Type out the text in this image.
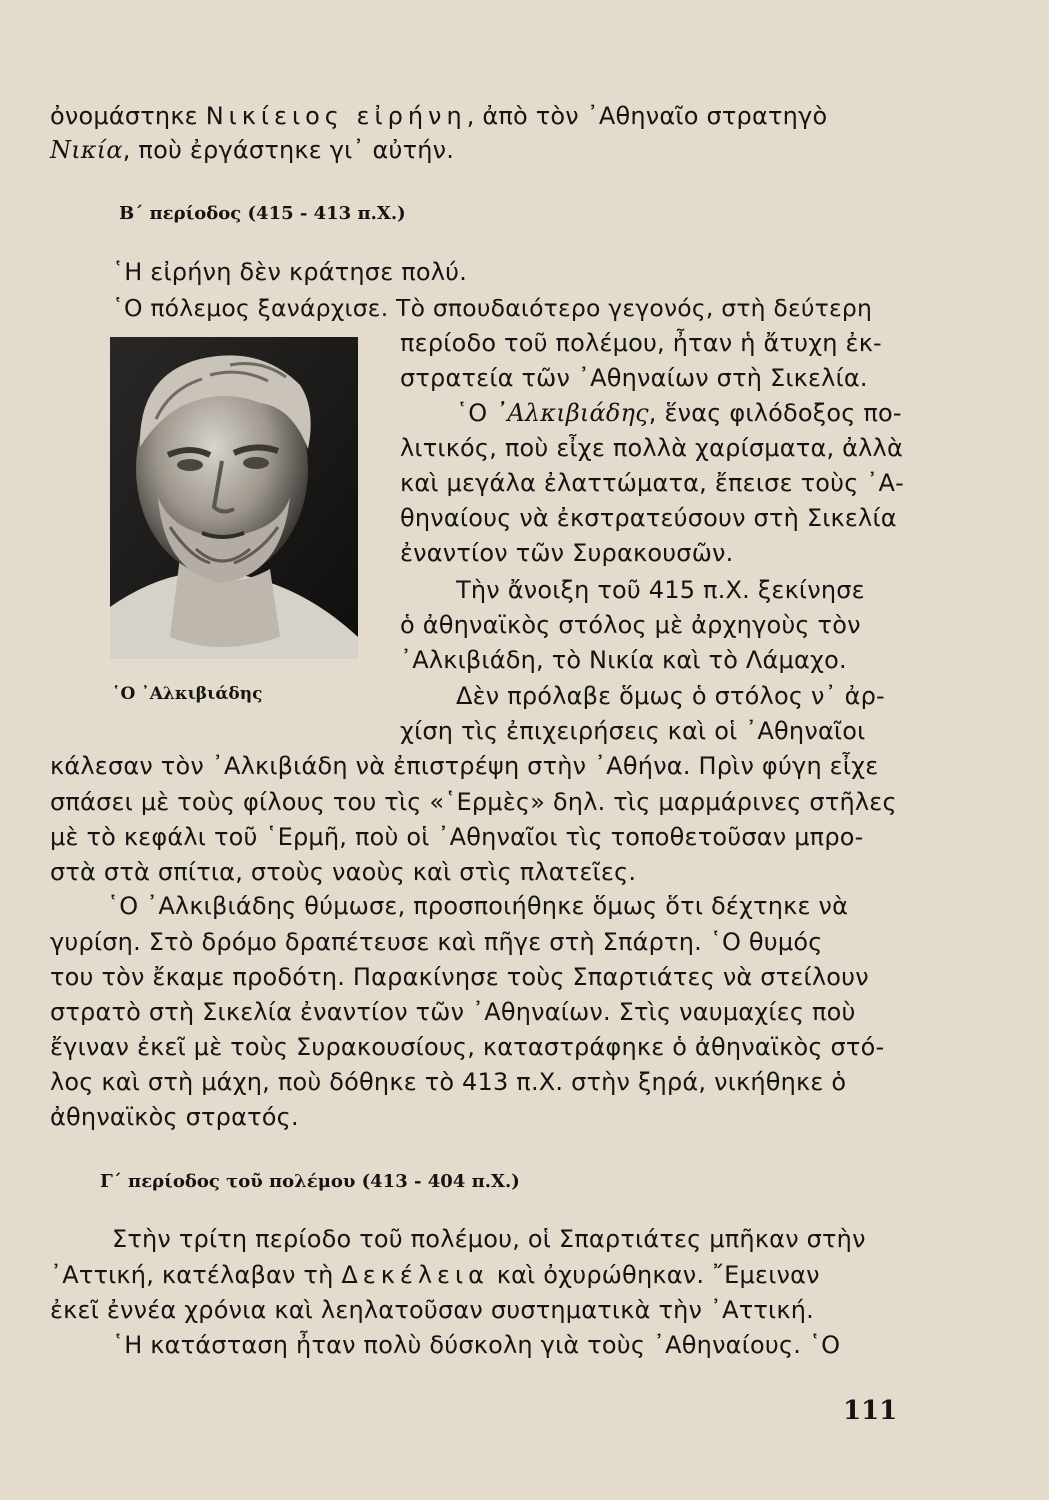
ὀνομάστηκε Νικίειος εἰρήνη, ἀπὸ τὸν ᾿Αθηναῖο στρατηγὸ
Νικία, ποὺ ἐργάστηκε γι᾿ αὐτήν.
Β΄ περίοδος (415 - 413 π.Χ.)
῾Η εἰρήνη δὲν κράτησε πολύ.
῾Ο πόλεμος ξανάρχισε. Τὸ σπουδαιότερο γεγονός, στὴ δεύτερη
περίοδο τοῦ πολέμου, ἦταν ἡ ἄτυχη ἐκ-
στρατεία τῶν ᾿Αθηναίων στὴ Σικελία.
῾Ο ᾿Αλκιβιάδης, ἕνας φιλόδοξος πο-
λιτικός, ποὺ εἶχε πολλὰ χαρίσματα, ἀλλὰ
καὶ μεγάλα ἐλαττώματα, ἔπεισε τοὺς ᾿Α-
θηναίους νὰ ἐκστρατεύσουν στὴ Σικελία
ἐναντίον τῶν Συρακουσῶν.
Τὴν ἄνοιξη τοῦ 415 π.Χ. ξεκίνησε
ὁ ἀθηναϊκὸς στόλος μὲ ἀρχηγοὺς τὸν
᾿Αλκιβιάδη, τὸ Νικία καὶ τὸ Λάμαχο.
῾Ο ᾿Αλκιβιάδης	Δὲν πρόλαβε ὅμως ὁ στόλος ν᾿ ἀρ-
χίση τὶς ἐπιχειρήσεις καὶ οἱ ᾿Αθηναῖοι
κάλεσαν τὸν ᾿Αλκιβιάδη νὰ ἐπιστρέψη στὴν ᾿Αθήνα. Πρὶν φύγη εἶχε
σπάσει μὲ τοὺς φίλους του τὶς «῾Ερμὲς» δηλ. τὶς μαρμάρινες στῆλες
μὲ τὸ κεφάλι τοῦ ῾Ερμῆ, ποὺ οἱ ᾿Αθηναῖοι τὶς τοποθετοῦσαν μπρο-
στὰ στὰ σπίτια, στοὺς ναοὺς καὶ στὶς πλατεῖες.
῾Ο ᾿Αλκιβιάδης θύμωσε, προσποιήθηκε ὅμως ὅτι δέχτηκε νὰ
γυρίση. Στὸ δρόμο δραπέτευσε καὶ πῆγε στὴ Σπάρτη. ῾Ο θυμός
του τὸν ἔκαμε προδότη. Παρακίνησε τοὺς Σπαρτιάτες νὰ στείλουν
στρατὸ στὴ Σικελία ἐναντίον τῶν ᾿Αθηναίων. Στὶς ναυμαχίες ποὺ
ἔγιναν ἐκεῖ μὲ τοὺς Συρακουσίους, καταστράφηκε ὁ ἀθηναϊκὸς στό-
λος καὶ στὴ μάχη, ποὺ δόθηκε τὸ 413 π.Χ. στὴν ξηρά, νικήθηκε ὁ
ἀθηναϊκὸς στρατός.
Γ΄ περίοδος τοῦ πολέμου (413 - 404 π.Χ.)
Στὴν τρίτη περίοδο τοῦ πολέμου, οἱ Σπαρτιάτες μπῆκαν στὴν
᾿Αττική, κατέλαβαν τὴ Δεκέλεια καὶ ὀχυρώθηκαν. ῎Εμειναν
ἐκεῖ ἐννέα χρόνια καὶ λεηλατοῦσαν συστηματικὰ τὴν ᾿Αττική.
῾Η κατάσταση ἦταν πολὺ δύσκολη γιὰ τοὺς ᾿Αθηναίους. ῾Ο
111
